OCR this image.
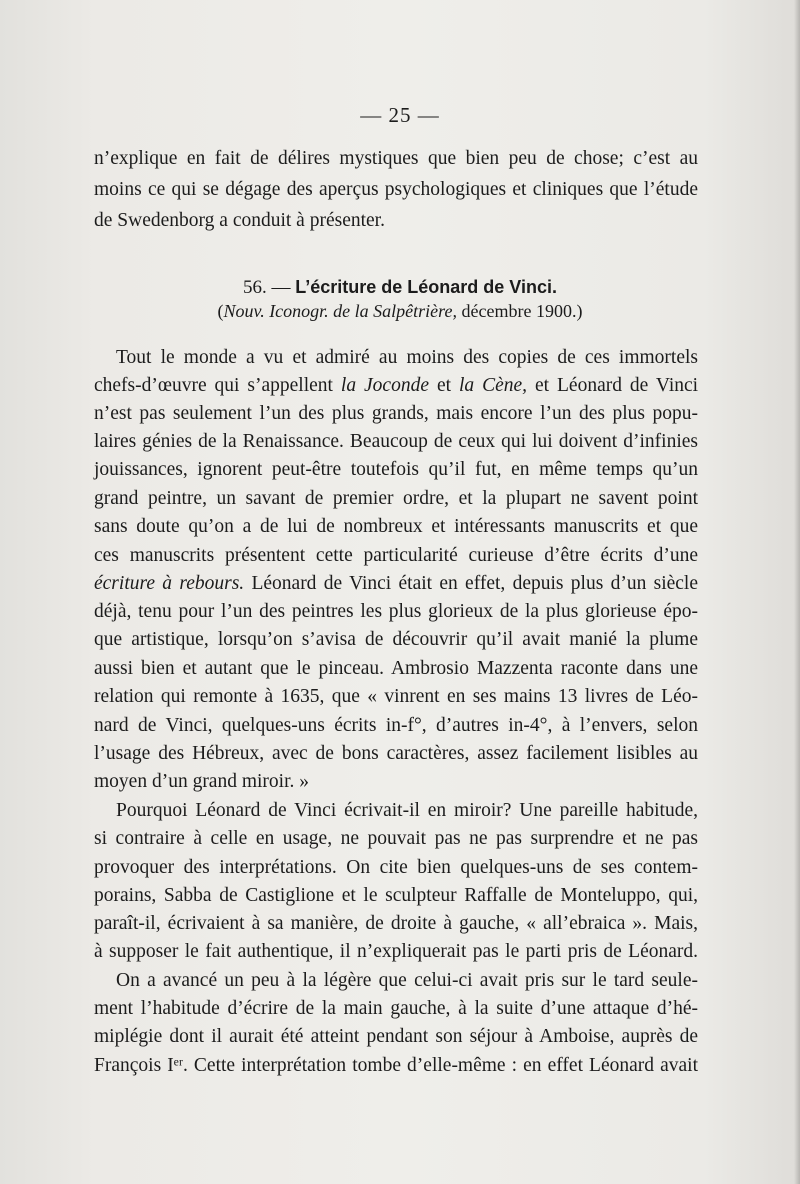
— 25 —
n’explique en fait de délires mystiques que bien peu de chose; c’est au
moins ce qui se dégage des aperçus psychologiques et cliniques que l’étude
de Swedenborg a conduit à présenter.
56. — L’écriture de Léonard de Vinci.
(Nouv. Iconogr. de la Salpêtrière, décembre 1900.)
Tout le monde a vu et admiré au moins des copies de ces immortels
chefs-d’œuvre qui s’appellent la Joconde et la Cène, et Léonard de Vinci
n’est pas seulement l’un des plus grands, mais encore l’un des plus popu-
laires génies de la Renaissance. Beaucoup de ceux qui lui doivent d’infinies
jouissances, ignorent peut-être toutefois qu’il fut, en même temps qu’un
grand peintre, un savant de premier ordre, et la plupart ne savent point
sans doute qu’on a de lui de nombreux et intéressants manuscrits et que
ces manuscrits présentent cette particularité curieuse d’être écrits d’une
écriture à rebours. Léonard de Vinci était en effet, depuis plus d’un siècle
déjà, tenu pour l’un des peintres les plus glorieux de la plus glorieuse épo-
que artistique, lorsqu’on s’avisa de découvrir qu’il avait manié la plume
aussi bien et autant que le pinceau. Ambrosio Mazzenta raconte dans une
relation qui remonte à 1635, que « vinrent en ses mains 13 livres de Léo-
nard de Vinci, quelques-uns écrits in-f°, d’autres in-4°, à l’envers, selon
l’usage des Hébreux, avec de bons caractères, assez facilement lisibles au
moyen d’un grand miroir. »
Pourquoi Léonard de Vinci écrivait-il en miroir? Une pareille habitude,
si contraire à celle en usage, ne pouvait pas ne pas surprendre et ne pas
provoquer des interprétations. On cite bien quelques-uns de ses contem-
porains, Sabba de Castiglione et le sculpteur Raffalle de Monteluppo, qui,
paraît-il, écrivaient à sa manière, de droite à gauche, « all’ebraica ». Mais,
à supposer le fait authentique, il n’expliquerait pas le parti pris de Léonard.
On a avancé un peu à la légère que celui-ci avait pris sur le tard seule-
ment l’habitude d’écrire de la main gauche, à la suite d’une attaque d’hé-
miplégie dont il aurait été atteint pendant son séjour à Amboise, auprès de
François Iᵉʳ. Cette interprétation tombe d’elle-même : en effet Léonard avait
